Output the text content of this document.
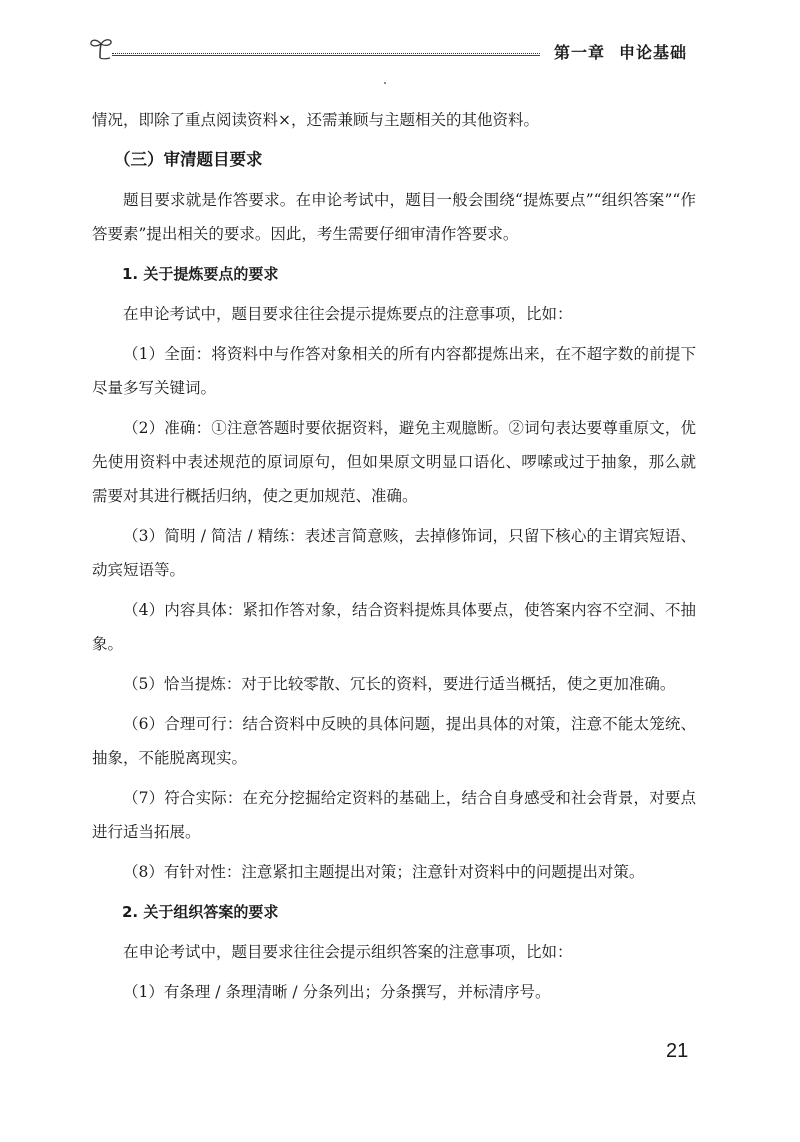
第一章 申论基础

情况，即除了重点阅读资料×，还需兼顾与主题相关的其他资料。

（三）审清题目要求

题目要求就是作答要求。在申论考试中，题目一般会围绕“提炼要点”“组织答案”“作答要素”提出相关的要求。因此，考生需要仔细审清作答要求。

1. 关于提炼要点的要求

在申论考试中，题目要求往往会提示提炼要点的注意事项，比如：

（1）全面：将资料中与作答对象相关的所有内容都提炼出来，在不超字数的前提下尽量多写关键词。

（2）准确：①注意答题时要依据资料，避免主观臆断。②词句表达要尊重原文，优先使用资料中表述规范的原词原句，但如果原文明显口语化、啰嗦或过于抽象，那么就需要对其进行概括归纳，使之更加规范、准确。

（3）简明 / 简洁 / 精练：表述言简意赅，去掉修饰词，只留下核心的主谓宾短语、动宾短语等。

（4）内容具体：紧扣作答对象，结合资料提炼具体要点，使答案内容不空洞、不抽象。

（5）恰当提炼：对于比较零散、冗长的资料，要进行适当概括，使之更加准确。

（6）合理可行：结合资料中反映的具体问题，提出具体的对策，注意不能太笼统、抽象，不能脱离现实。

（7）符合实际：在充分挖掘给定资料的基础上，结合自身感受和社会背景，对要点进行适当拓展。

（8）有针对性：注意紧扣主题提出对策；注意针对资料中的问题提出对策。

2. 关于组织答案的要求

在申论考试中，题目要求往往会提示组织答案的注意事项，比如：

（1）有条理 / 条理清晰 / 分条列出；分条撰写，并标清序号。

21
